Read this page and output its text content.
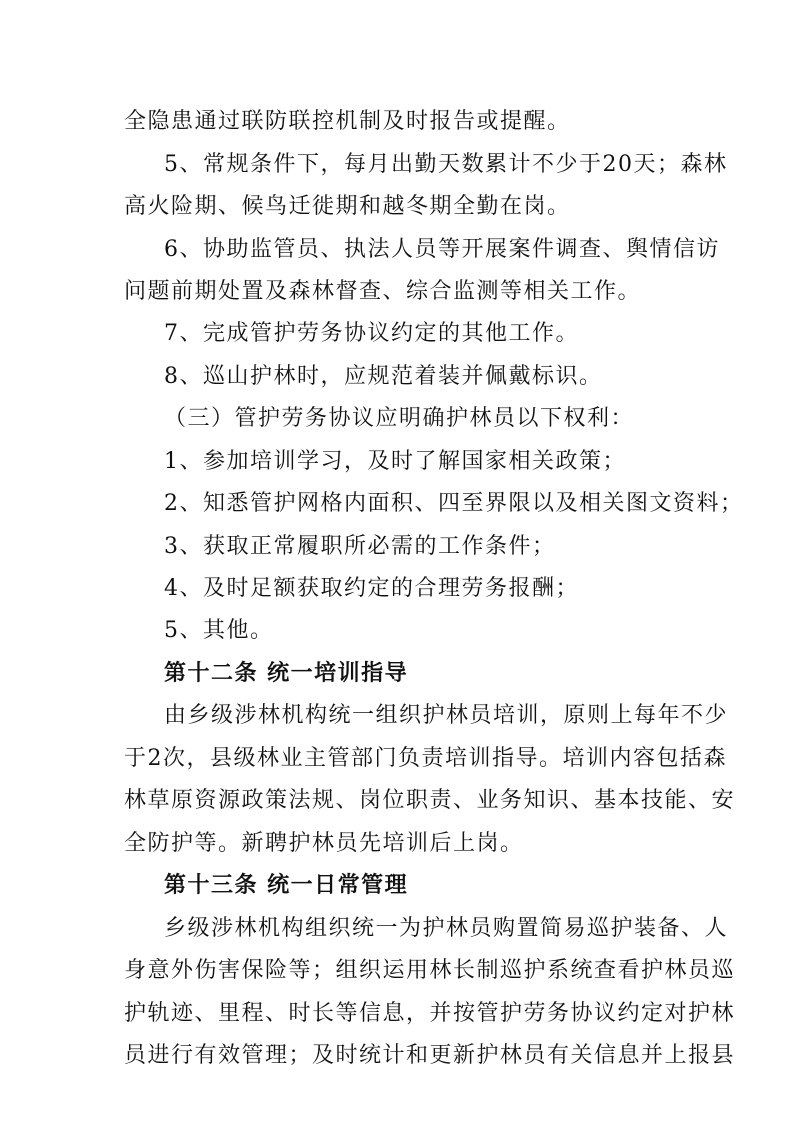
全隐患通过联防联控机制及时报告或提醒。
5、常规条件下，每月出勤天数累计不少于20天；森林
高火险期、候鸟迁徙期和越冬期全勤在岗。
6、协助监管员、执法人员等开展案件调查、舆情信访
问题前期处置及森林督查、综合监测等相关工作。
7、完成管护劳务协议约定的其他工作。
8、巡山护林时，应规范着装并佩戴标识。
（三）管护劳务协议应明确护林员以下权利：
1、参加培训学习，及时了解国家相关政策；
2、知悉管护网格内面积、四至界限以及相关图文资料；
3、获取正常履职所必需的工作条件；
4、及时足额获取约定的合理劳务报酬；
5、其他。
第十二条 统一培训指导
由乡级涉林机构统一组织护林员培训，原则上每年不少
于2次，县级林业主管部门负责培训指导。培训内容包括森
林草原资源政策法规、岗位职责、业务知识、基本技能、安
全防护等。新聘护林员先培训后上岗。
第十三条 统一日常管理
乡级涉林机构组织统一为护林员购置简易巡护装备、人
身意外伤害保险等；组织运用林长制巡护系统查看护林员巡
护轨迹、里程、时长等信息，并按管护劳务协议约定对护林
员进行有效管理；及时统计和更新护林员有关信息并上报县
